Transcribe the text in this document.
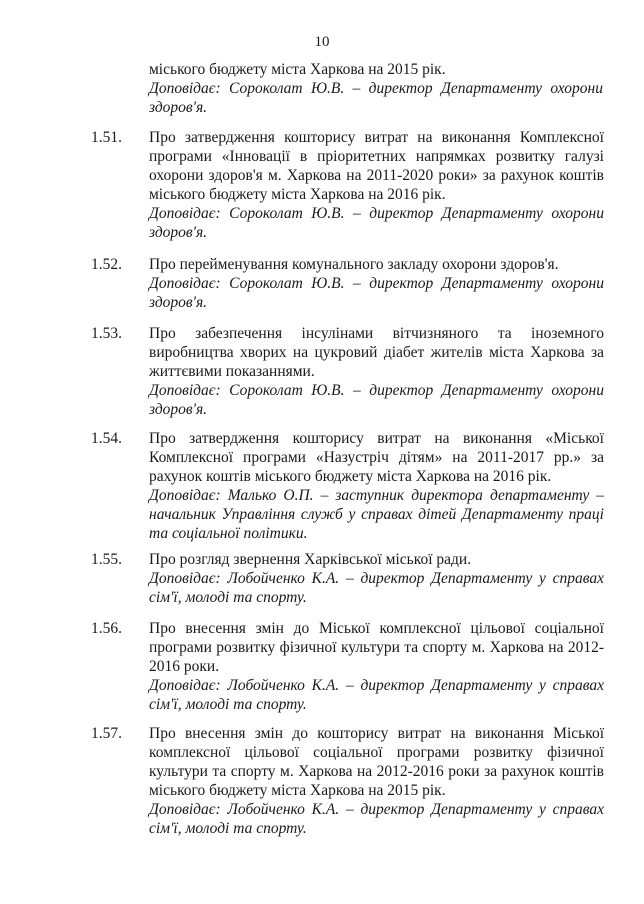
10

міського бюджету міста Харкова на 2015 рік.

Доповідає: Сороколат Ю.В. – директор Департаменту охорони здоров'я.

1.51. Про затвердження кошторису витрат на виконання Комплексної програми «Інновації в пріоритетних напрямках розвитку галузі охорони здоров'я м. Харкова на 2011-2020 роки» за рахунок коштів міського бюджету міста Харкова на 2016 рік.

Доповідає: Сороколат Ю.В. – директор Департаменту охорони здоров'я.

1.52. Про перейменування комунального закладу охорони здоров'я.

Доповідає: Сороколат Ю.В. – директор Департаменту охорони здоров'я.

1.53. Про забезпечення інсулінами вітчизняного та іноземного виробництва хворих на цукровий діабет жителів міста Харкова за життєвими показаннями.

Доповідає: Сороколат Ю.В. – директор Департаменту охорони здоров'я.

1.54. Про затвердження кошторису витрат на виконання «Міської Комплексної програми «Назустріч дітям» на 2011-2017 рр.» за рахунок коштів міського бюджету міста Харкова на 2016 рік.

Доповідає: Малько О.П. – заступник директора департаменту – начальник Управління служб у справах дітей Департаменту праці та соціальної політики.

1.55. Про розгляд звернення Харківської міської ради.

Доповідає: Лобойченко К.А. – директор Департаменту у справах сім'ї, молоді та спорту.

1.56. Про внесення змін до Міської комплексної цільової соціальної програми розвитку фізичної культури та спорту м. Харкова на 2012-2016 роки.

Доповідає: Лобойченко К.А. – директор Департаменту у справах сім'ї, молоді та спорту.

1.57. Про внесення змін до кошторису витрат на виконання Міської комплексної цільової соціальної програми розвитку фізичної культури та спорту м. Харкова на 2012-2016 роки за рахунок коштів міського бюджету міста Харкова на 2015 рік.

Доповідає: Лобойченко К.А. – директор Департаменту у справах сім'ї, молоді та спорту.
